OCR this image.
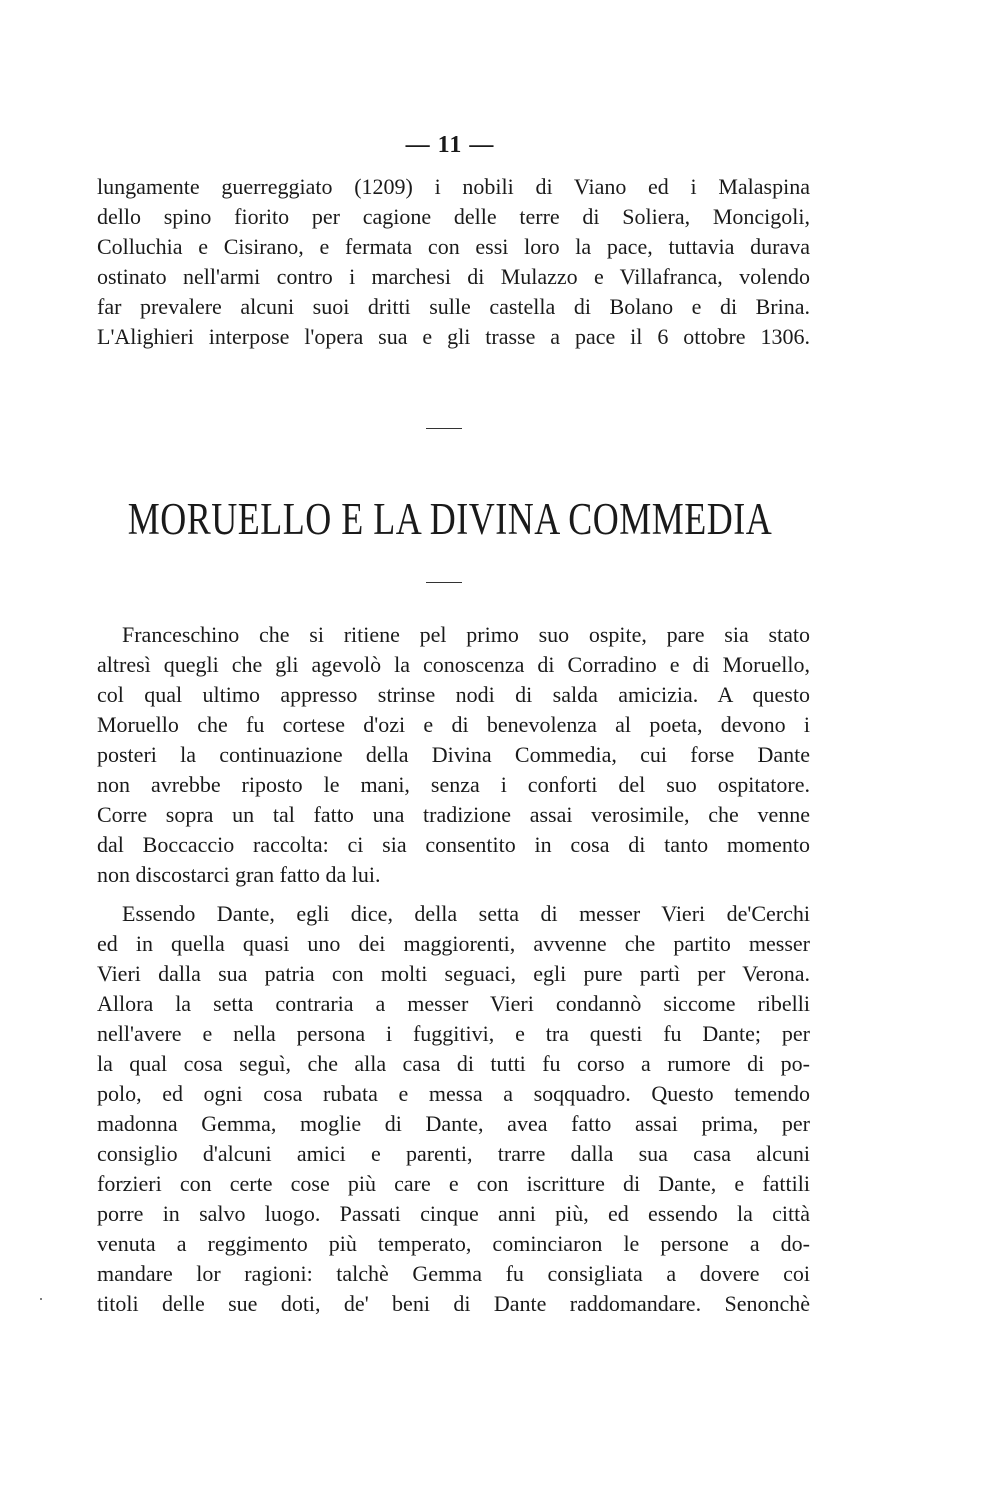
— 11 —
lungamente guerreggiato (1209) i nobili di Viano ed i Malaspina
dello spino fiorito per cagione delle terre di Soliera, Moncigoli,
Colluchia e Cisirano, e fermata con essi loro la pace, tuttavia durava
ostinato nell'armi contro i marchesi di Mulazzo e Villafranca, volendo
far prevalere alcuni suoi dritti sulle castella di Bolano e di Brina.
L'Alighieri interpose l'opera sua e gli trasse a pace il 6 ottobre 1306.
MORUELLO E LA DIVINA COMMEDIA
Franceschino che si ritiene pel primo suo ospite, pare sia stato
altresì quegli che gli agevolò la conoscenza di Corradino e di Moruello,
col qual ultimo appresso strinse nodi di salda amicizia. A questo
Moruello che fu cortese d'ozi e di benevolenza al poeta, devono i
posteri la continuazione della Divina Commedia, cui forse Dante
non avrebbe riposto le mani, senza i conforti del suo ospitatore.
Corre sopra un tal fatto una tradizione assai verosimile, che venne
dal Boccaccio raccolta: ci sia consentito in cosa di tanto momento
non discostarci gran fatto da lui.
Essendo Dante, egli dice, della setta di messer Vieri de'Cerchi
ed in quella quasi uno dei maggiorenti, avvenne che partito messer
Vieri dalla sua patria con molti seguaci, egli pure partì per Verona.
Allora la setta contraria a messer Vieri condannò siccome ribelli
nell'avere e nella persona i fuggitivi, e tra questi fu Dante; per
la qual cosa seguì, che alla casa di tutti fu corso a rumore di po-
polo, ed ogni cosa rubata e messa a soqquadro. Questo temendo
madonna Gemma, moglie di Dante, avea fatto assai prima, per
consiglio d'alcuni amici e parenti, trarre dalla sua casa alcuni
forzieri con certe cose più care e con iscritture di Dante, e fattili
porre in salvo luogo. Passati cinque anni più, ed essendo la città
venuta a reggimento più temperato, cominciaron le persone a do-
mandare lor ragioni: talchè Gemma fu consigliata a dovere coi
titoli delle sue doti, de' beni di Dante raddomandare. Senonchè
